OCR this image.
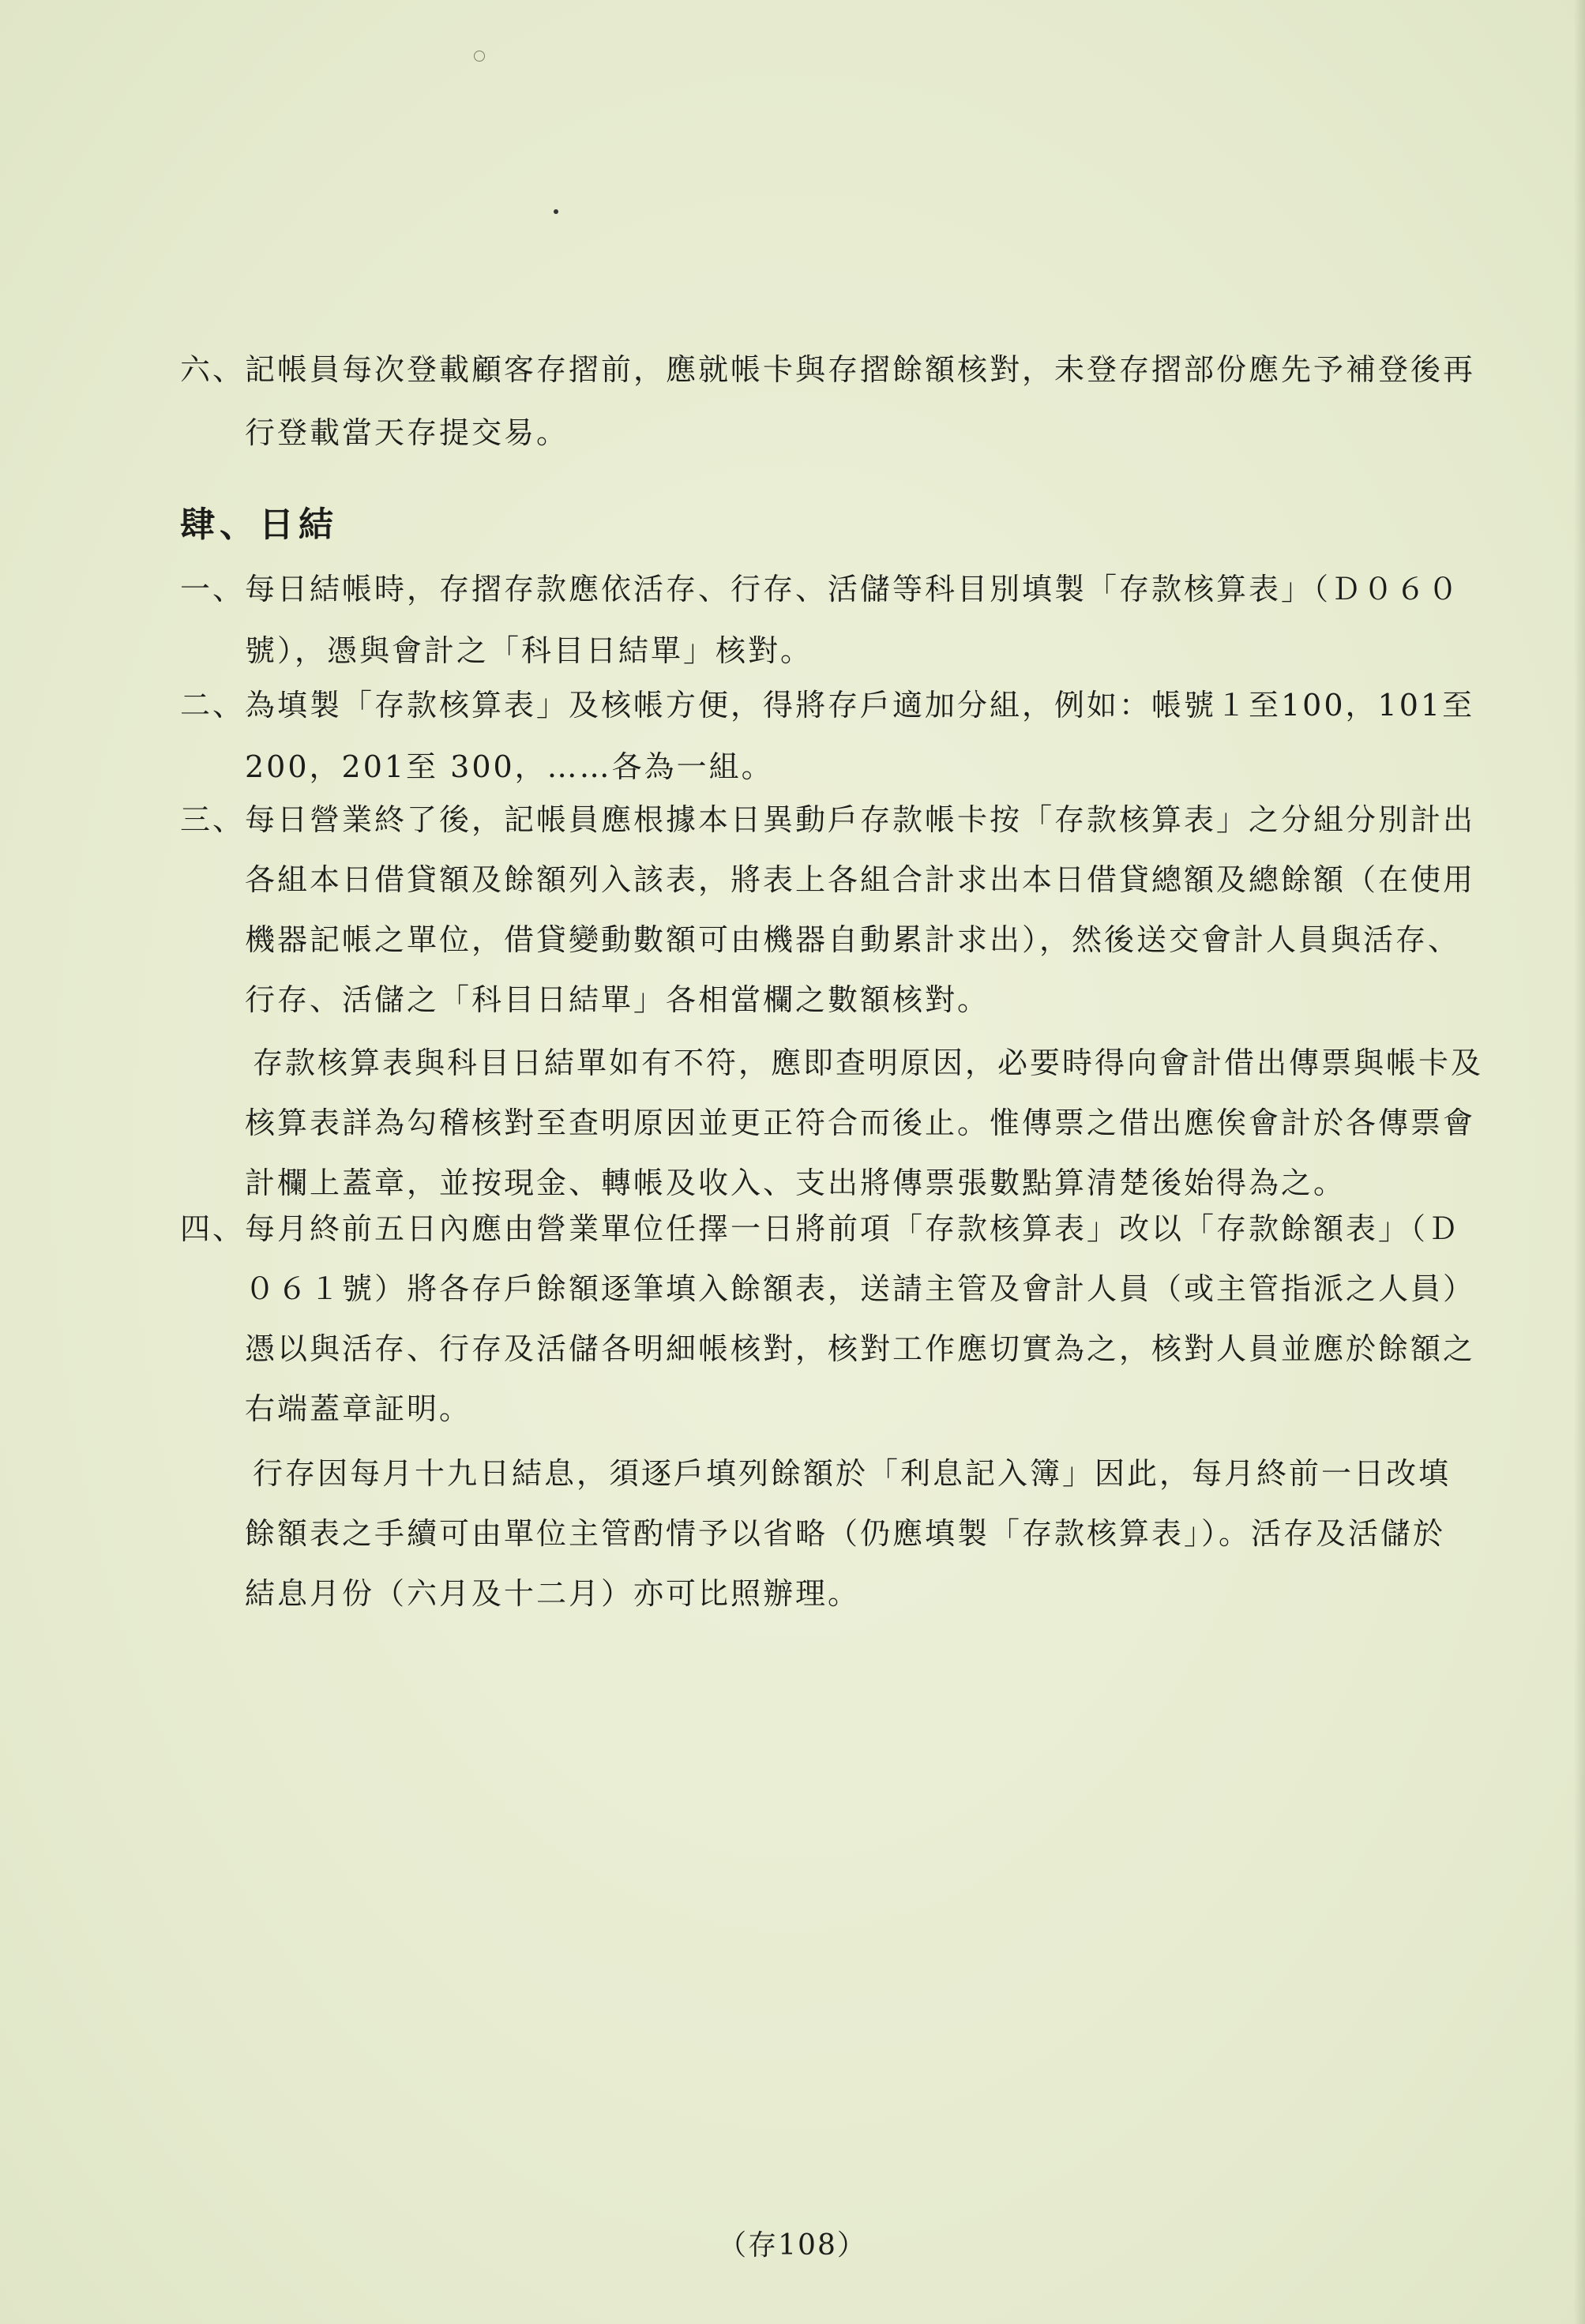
六、 記帳員每次登載顧客存摺前，應就帳卡與存摺餘額核對，未登存摺部份應先予補登後再
行登載當天存提交易。
肆、日結
一、 每日結帳時，存摺存款應依活存、行存、活儲等科目別填製「存款核算表」（Ｄ０６０
號），憑與會計之「科目日結單」核對。
二、 為填製「存款核算表」及核帳方便，得將存戶適加分組，例如：帳號１至100，101至
200，201至 300，……各為一組。
三、 每日營業終了後，記帳員應根據本日異動戶存款帳卡按「存款核算表」之分組分別計出
各組本日借貸額及餘額列入該表，將表上各組合計求出本日借貸總額及總餘額（在使用
機器記帳之單位，借貸變動數額可由機器自動累計求出），然後送交會計人員與活存、
行存、活儲之「科目日結單」各相當欄之數額核對。
存款核算表與科目日結單如有不符，應即查明原因，必要時得向會計借出傳票與帳卡及
核算表詳為勾稽核對至查明原因並更正符合而後止。惟傳票之借出應俟會計於各傳票會
計欄上蓋章，並按現金、轉帳及收入、支出將傳票張數點算清楚後始得為之。
四、 每月終前五日內應由營業單位任擇一日將前項「存款核算表」改以「存款餘額表」（Ｄ
０６１號）將各存戶餘額逐筆填入餘額表，送請主管及會計人員（或主管指派之人員）
憑以與活存、行存及活儲各明細帳核對，核對工作應切實為之，核對人員並應於餘額之
右端蓋章証明。
行存因每月十九日結息，須逐戶填列餘額於「利息記入簿」因此，每月終前一日改填
餘額表之手續可由單位主管酌情予以省略（仍應填製「存款核算表」）。活存及活儲於
結息月份（六月及十二月）亦可比照辦理。
（存108）
